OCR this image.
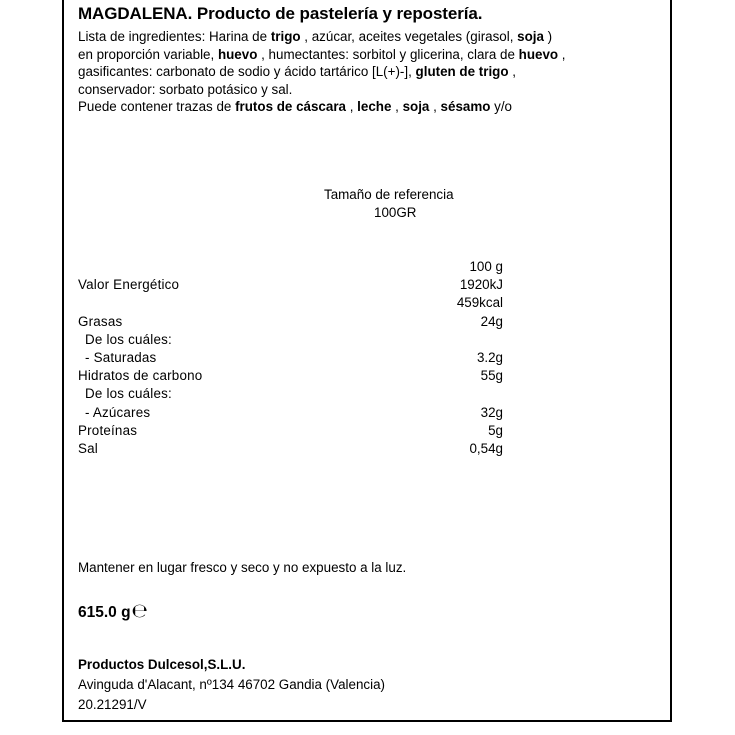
MAGDALENA. Producto de pastelería y repostería.

Lista de ingredientes: Harina de trigo , azúcar, aceites vegetales (girasol, soja )

en proporción variable, huevo , humectantes: sorbitol y glicerina, clara de huevo ,

gasificantes: carbonato de sodio y ácido tartárico [L(+)-], gluten de trigo ,

conservador: sorbato potásico y sal.

Puede contener trazas de frutos de cáscara , leche , soja , sésamo y/o

Tamaño de referencia
100GR
100 g
Valor Energético	1920kJ
459kcal
Grasas	24g
De los cuáles:
- Saturadas	3.2g
Hidratos de carbono	55g
De los cuáles:
- Azúcares	32g
Proteínas	5g
Sal	0,54g
Mantener en lugar fresco y seco y no expuesto a la luz.
615.0 g℮
Productos Dulcesol,S.L.U.
Avinguda d'Alacant, nº134 46702 Gandia (Valencia)
20.21291/V
